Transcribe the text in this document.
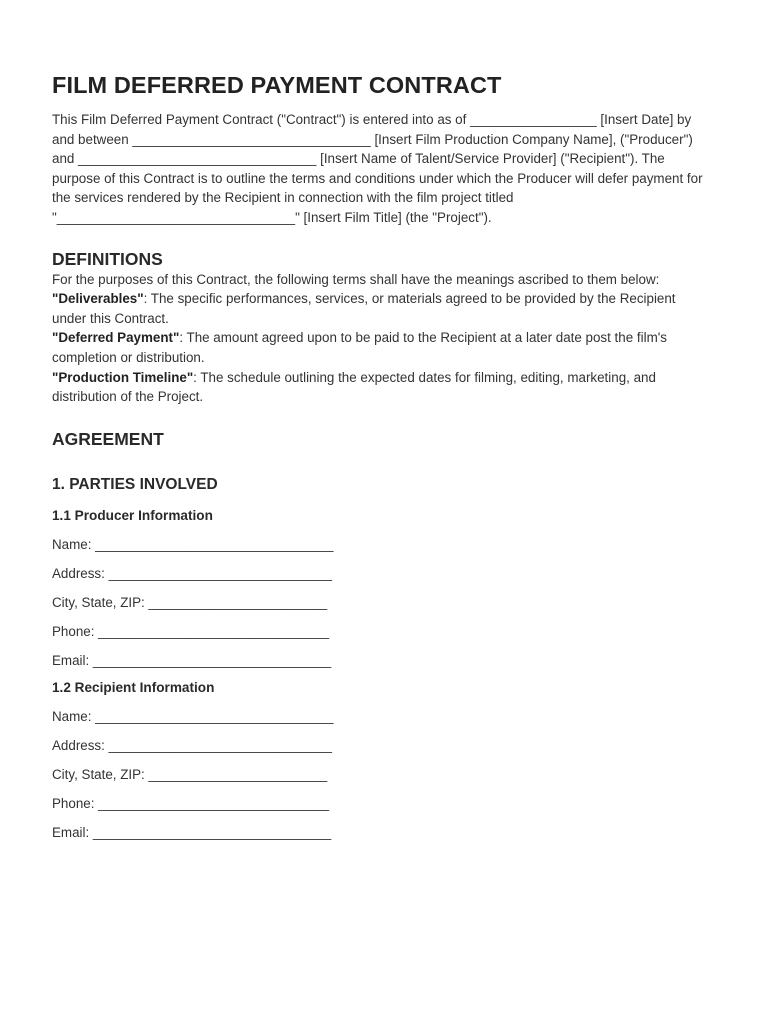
FILM DEFERRED PAYMENT CONTRACT

This Film Deferred Payment Contract ("Contract") is entered into as of _________________ [Insert Date] by and between ________________________________ [Insert Film Production Company Name], ("Producer") and ________________________________ [Insert Name of Talent/Service Provider] ("Recipient"). The purpose of this Contract is to outline the terms and conditions under which the Producer will defer payment for the services rendered by the Recipient in connection with the film project titled "________________________________" [Insert Film Title] (the "Project").

DEFINITIONS

For the purposes of this Contract, the following terms shall have the meanings ascribed to them below:

"Deliverables": The specific performances, services, or materials agreed to be provided by the Recipient under this Contract.

"Deferred Payment": The amount agreed upon to be paid to the Recipient at a later date post the film's completion or distribution.

"Production Timeline": The schedule outlining the expected dates for filming, editing, marketing, and distribution of the Project.

AGREEMENT
1. PARTIES INVOLVED
1.1 Producer Information

Name: ________________________________

Address: ______________________________

City, State, ZIP: ________________________

Phone: _______________________________

Email: ________________________________

1.2 Recipient Information

Name: ________________________________

Address: ______________________________

City, State, ZIP: ________________________

Phone: _______________________________

Email: ________________________________
